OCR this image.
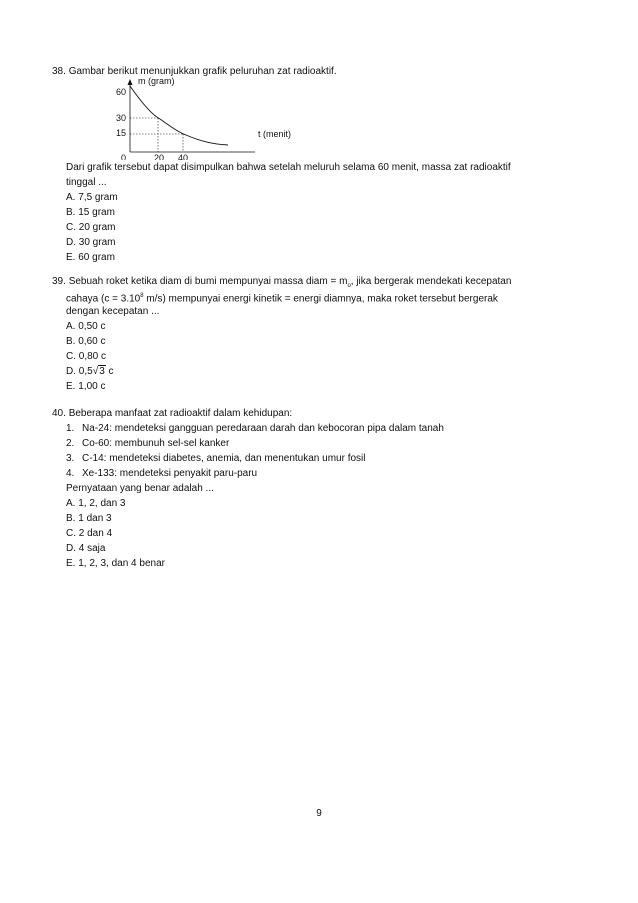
38. Gambar berikut menunjukkan grafik peluruhan zat radioaktif.
m (gram)
t (menit)
60
30
15
0	20 40
Dari grafik tersebut dapat disimpulkan bahwa setelah meluruh selama 60 menit, massa zat radioaktif
tinggal ...
A. 7,5 gram
B. 15 gram
C. 20 gram
D. 30 gram
E. 60 gram
39. Sebuah roket ketika diam di bumi mempunyai massa diam = $m_o$, jika bergerak mendekati kecepatan
cahaya ($c = 3.10^8$ m/s) mempunyai energi kinetik = energi diamnya, maka roket tersebut bergerak
dengan kecepatan ...
A. 0,50 c
B. 0,60 c
C. 0,80 c
D. 0,5√3 c
E. 1,00 c
40. Beberapa manfaat zat radioaktif dalam kehidupan:
1. Na-24: mendeteksi gangguan peredaraan darah dan kebocoran pipa dalam tanah
2. Co-60: membunuh sel-sel kanker
3. C-14: mendeteksi diabetes, anemia, dan menentukan umur fosil
4. Xe-133: mendeteksi penyakit paru-paru
Pernyataan yang benar adalah ...
A. 1, 2, dan 3
B. 1 dan 3
C. 2 dan 4
D. 4 saja
E. 1, 2, 3, dan 4 benar
9
